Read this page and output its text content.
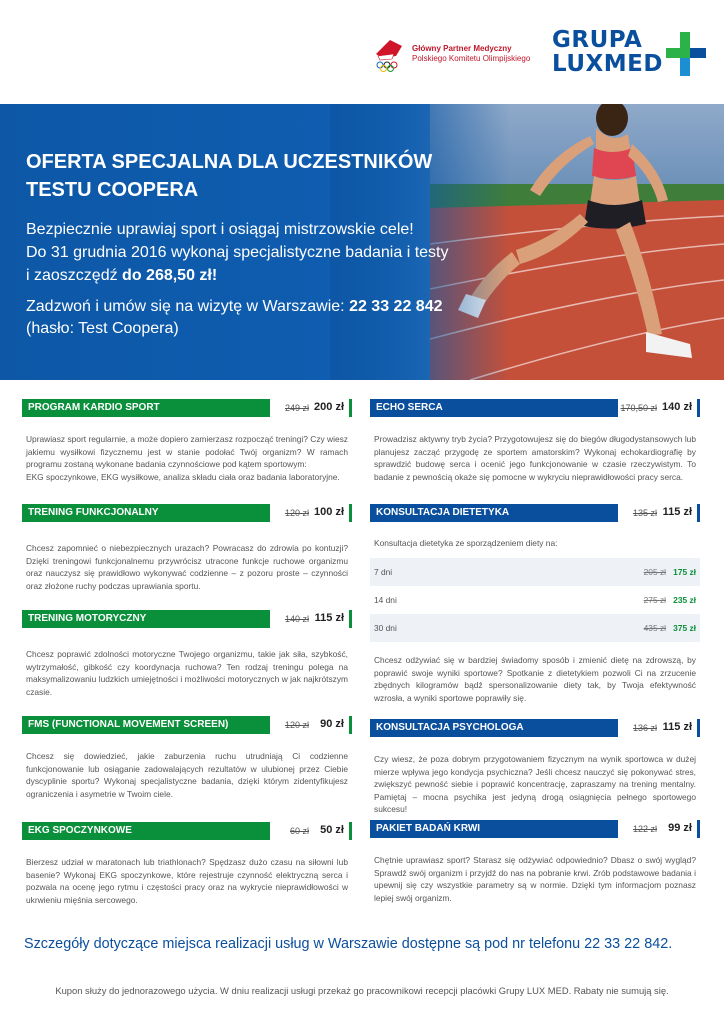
Główny Partner Medyczny
Polskiego Komitetu Olimpijskiego
GRUPA
LUXMED
OFERTA SPECJALNA DLA UCZESTNIKÓW
TESTU COOPERA
Bezpiecznie uprawiaj sport i osiągaj mistrzowskie cele!
Do 31 grudnia 2016 wykonaj specjalistyczne badania i testy
i zaoszczędź do 268,50 zł!
Zadzwoń i umów się na wizytę w Warszawie: 22 33 22 842
(hasło: Test Coopera)
PROGRAM KARDIO SPORT	249 zł 200 zł
Uprawiasz sport regularnie, a może dopiero zamierzasz rozpocząć treningi? Czy wiesz jakiemu wysiłkowi fizycznemu jest w stanie podołać Twój organizm? W ramach programu zostaną wykonane badania czynnościowe pod kątem sportowym:
EKG spoczynkowe, EKG wysiłkowe, analiza składu ciała oraz badania laboratoryjne.
TRENING FUNKCJONALNY	120 zł 100 zł
Chcesz zapomnieć o niebezpiecznych urazach? Powracasz do zdrowia po kontuzji? Dzięki treningowi funkcjonalnemu przywrócisz utracone funkcje ruchowe organizmu oraz nauczysz się prawidłowo wykonywać codzienne – z pozoru proste – czynności oraz złożone ruchy podczas uprawiania sportu.
TRENING MOTORYCZNY	140 zł 115 zł
Chcesz poprawić zdolności motoryczne Twojego organizmu, takie jak siła, szybkość, wytrzymałość, gibkość czy koordynacja ruchowa? Ten rodzaj treningu polega na maksymalizowaniu ludzkich umiejętności i możliwości motorycznych w jak najkrótszym czasie.
FMS (FUNCTIONAL MOVEMENT SCREEN)	120 zł 90 zł
Chcesz się dowiedzieć, jakie zaburzenia ruchu utrudniają Ci codzienne funkcjonowanie lub osiąganie zadowalających rezultatów w ulubionej przez Ciebie dyscyplinie sportu? Wykonaj specjalistyczne badania, dzięki którym zidentyfikujesz ograniczenia i asymetrie w Twoim ciele.
EKG SPOCZYNKOWE	60 zł 50 zł
Bierzesz udział w maratonach lub triathlonach? Spędzasz dużo czasu na siłowni lub basenie? Wykonaj EKG spoczynkowe, które rejestruje czynność elektryczną serca i pozwala na ocenę jego rytmu i częstości pracy oraz na wykrycie nieprawidłowości w ukrwieniu mięśnia sercowego.
ECHO SERCA	170,50 zł 140 zł
Prowadzisz aktywny tryb życia? Przygotowujesz się do biegów długodystansowych lub planujesz zacząć przygodę ze sportem amatorskim? Wykonaj echokardiografię by sprawdzić budowę serca i ocenić jego funkcjonowanie w czasie rzeczywistym. To badanie z pewnością okaże się pomocne w wykryciu nieprawidłowości pracy serca.
KONSULTACJA DIETETYKA	135 zł 115 zł
Konsultacja dietetyka ze sporządzeniem diety na:
7 dni	205 zł 175 zł
14 dni	275 zł 235 zł
30 dni	435 zł 375 zł
Chcesz odżywiać się w bardziej świadomy sposób i zmienić dietę na zdrowszą, by poprawić swoje wyniki sportowe? Spotkanie z dietetykiem pozwoli Ci na zrzucenie zbędnych kilogramów bądź spersonalizowanie diety tak, by Twoja efektywność wzrosła, a wyniki sportowe poprawiły się.
KONSULTACJA PSYCHOLOGA	136 zł 115 zł
Czy wiesz, że poza dobrym przygotowaniem fizycznym na wynik sportowca w dużej mierze wpływa jego kondycja psychiczna? Jeśli chcesz nauczyć się pokonywać stres, zwiększyć pewność siebie i poprawić koncentrację, zapraszamy na trening mentalny. Pamiętaj – mocna psychika jest jedyną drogą osiągnięcia pełnego sportowego sukcesu!
PAKIET BADAŃ KRWI	122 zł 99 zł
Chętnie uprawiasz sport? Starasz się odżywiać odpowiednio? Dbasz o swój wygląd? Sprawdź swój organizm i przyjdź do nas na pobranie krwi. Zrób podstawowe badania i upewnij się czy wszystkie parametry są w normie. Dzięki tym informacjom poznasz lepiej swój organizm.
Szczegóły dotyczące miejsca realizacji usług w Warszawie dostępne są pod nr telefonu 22 33 22 842.
Kupon służy do jednorazowego użycia. W dniu realizacji usługi przekaż go pracownikowi recepcji placówki Grupy LUX MED. Rabaty nie sumują się.
